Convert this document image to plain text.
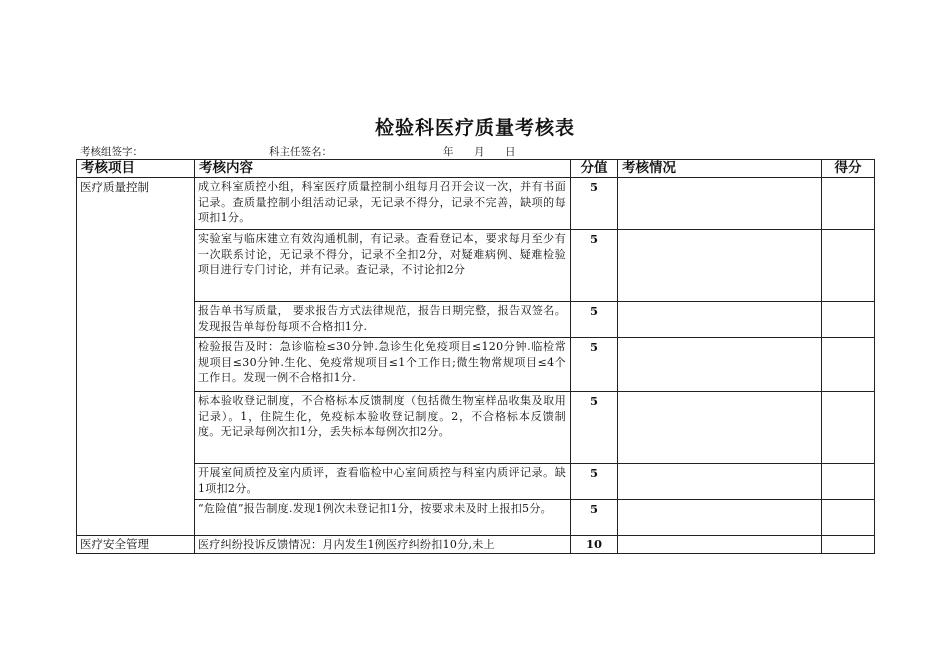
检验科医疗质量考核表
考核组签字：	科主任签名：	年 月 日
考核项目	考核内容	分值	考核情况	得分
医疗质量控制	成立科室质控小组，科室医疗质量控制小组每月召开会议一次，并有书面记录。查质量控制小组活动记录，无记录不得分，记录不完善，缺项的每项扣1分。	5		
	实验室与临床建立有效沟通机制，有记录。查看登记本，要求每月至少有一次联系讨论，无记录不得分，记录不全扣2分，对疑难病例、疑难检验项目进行专门讨论，并有记录。查记录，不讨论扣2分	5		
	报告单书写质量， 要求报告方式法律规范，报告日期完整，报告双签名。发现报告单每份每项不合格扣1分.	5		
	检验报告及时：急诊临检≤30分钟.急诊生化免疫项目≤120分钟.临检常规项目≤30分钟.生化、免疫常规项目≤1个工作日;微生物常规项目≤4个工作日。发现一例不合格扣1分.	5		
	标本验收登记制度，不合格标本反馈制度（包括微生物室样品收集及取用记录）。1，住院生化，免疫标本验收登记制度。2，不合格标本反馈制度。无记录每例次扣1分，丢失标本每例次扣2分。	5		
	开展室间质控及室内质评，查看临检中心室间质控与科室内质评记录。缺1项扣2分。	5		
	“危险值”报告制度.发现1例次未登记扣1分，按要求未及时上报扣5分。	5		
医疗安全管理	医疗纠纷投诉反馈情况：月内发生1例医疗纠纷扣10分,未上	10		
